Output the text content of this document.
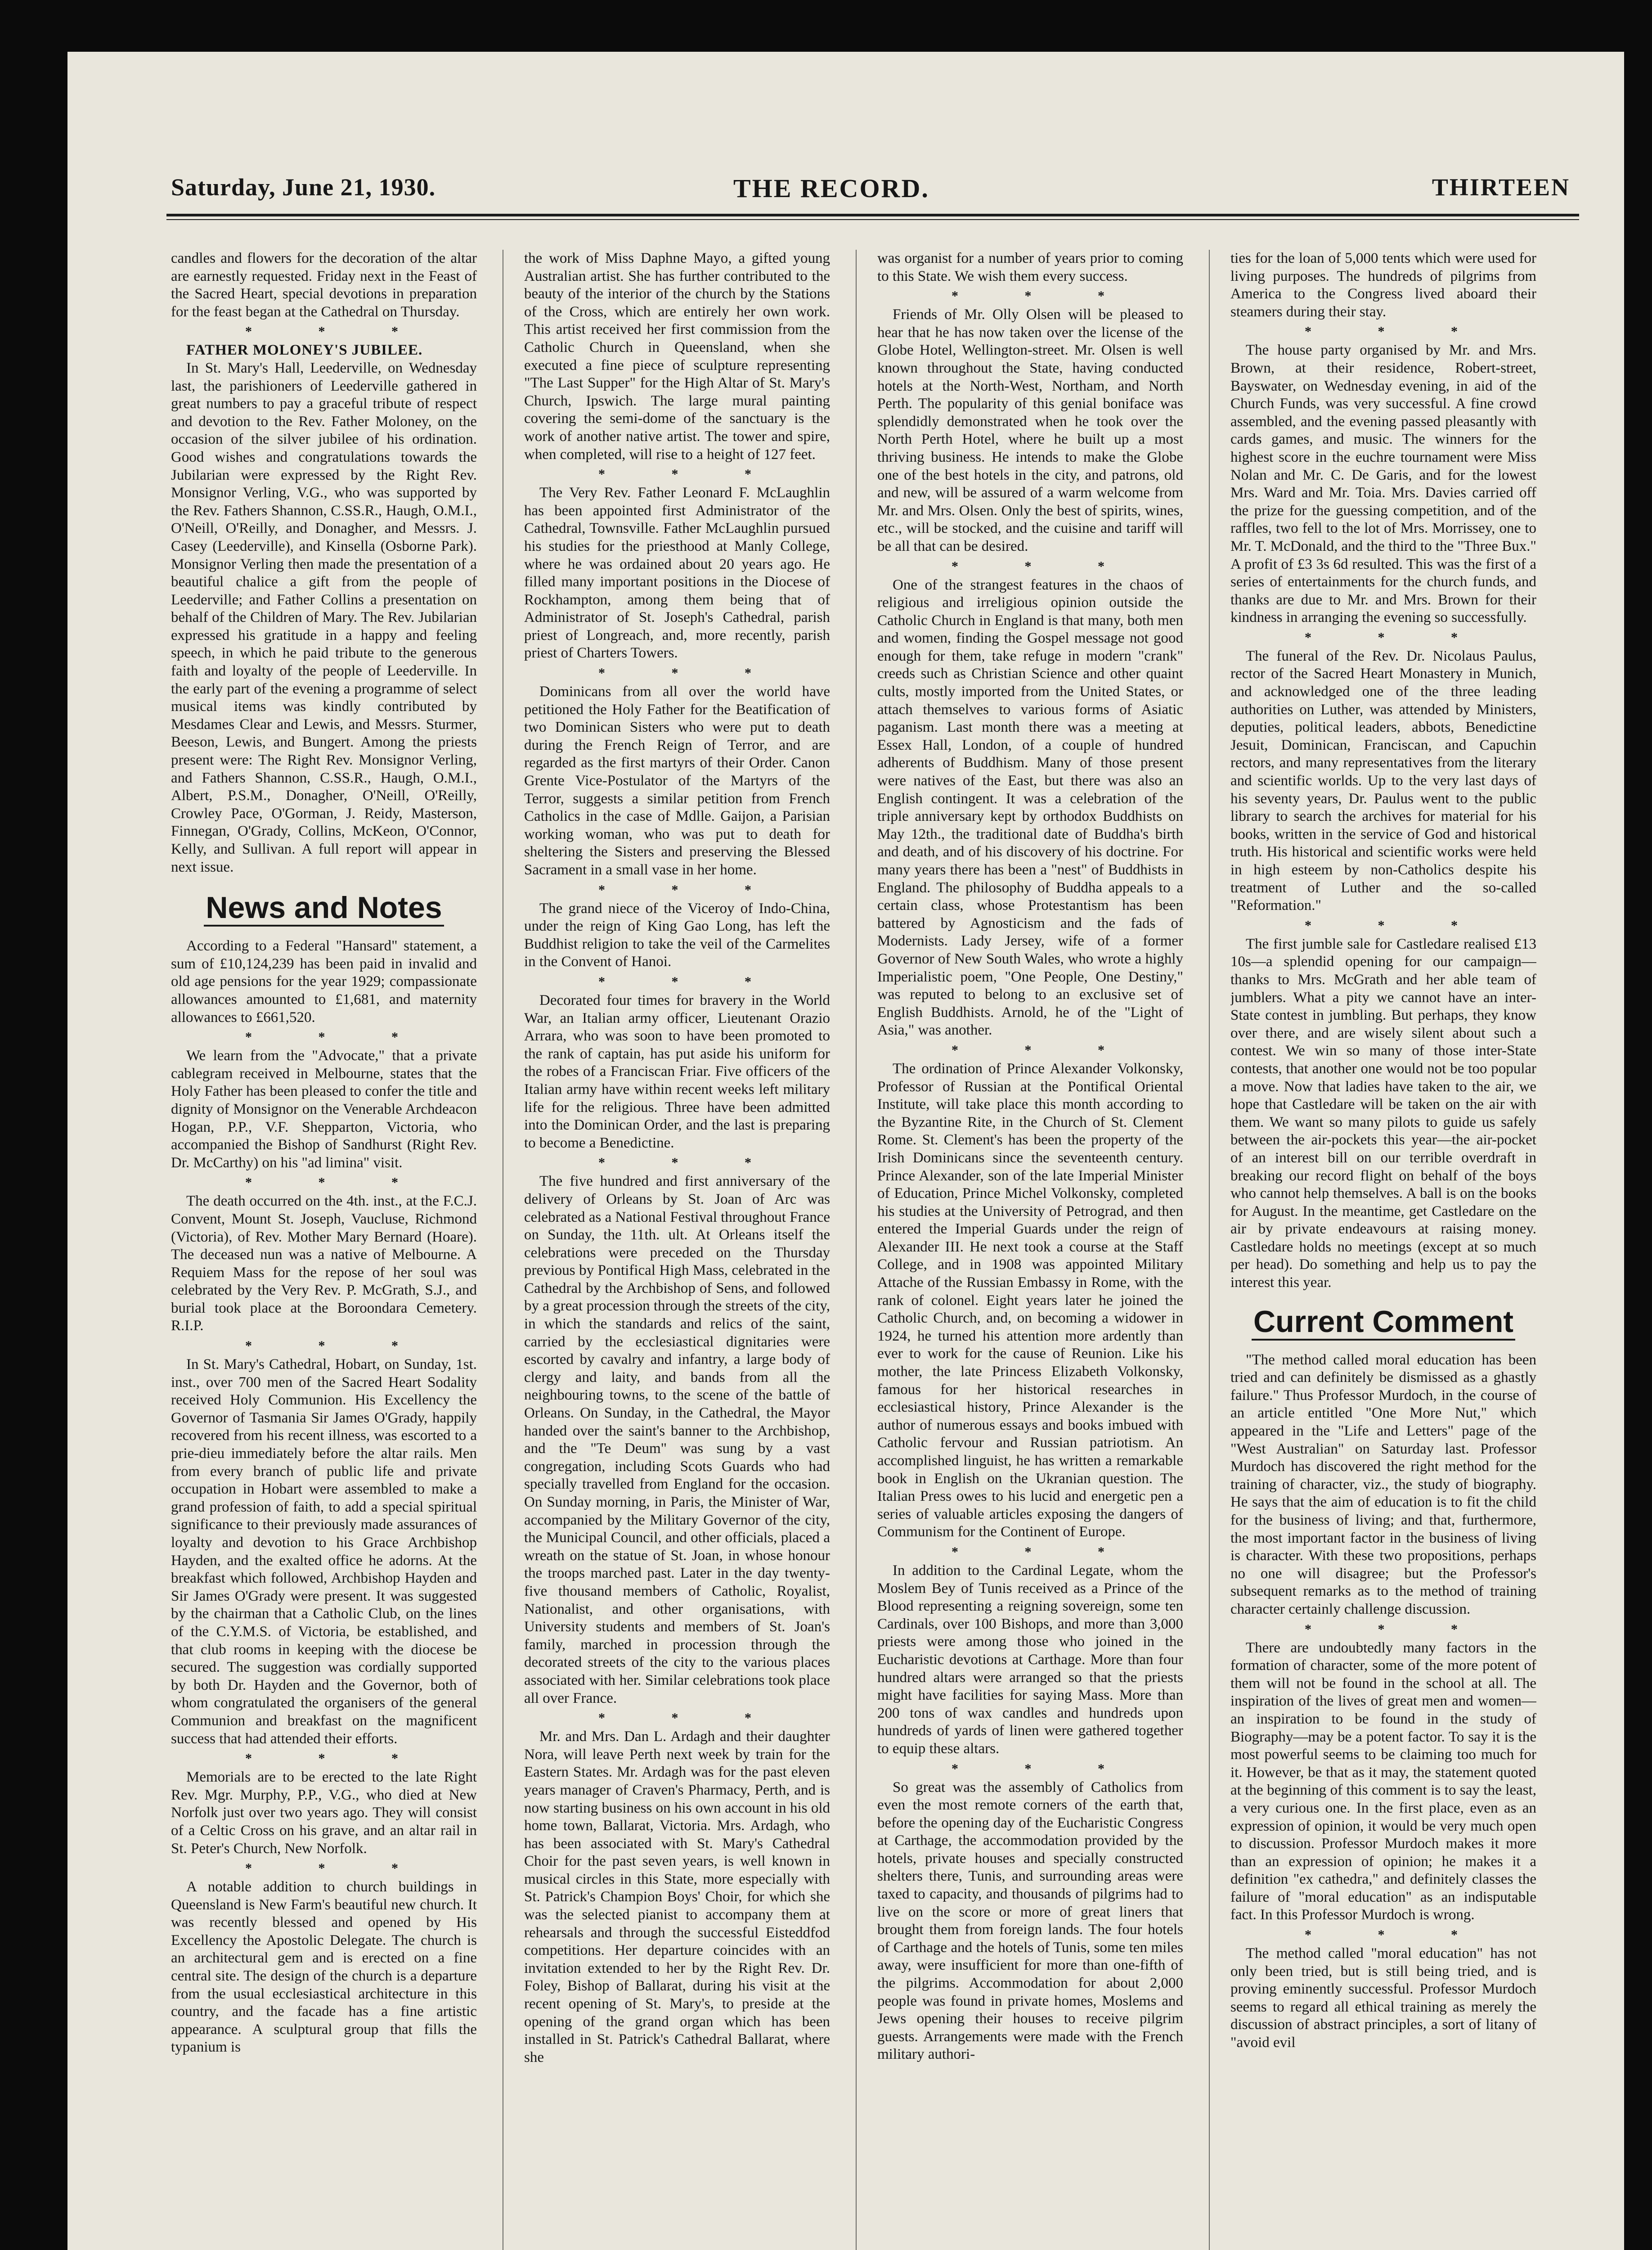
Saturday, June 21, 1930.	THE RECORD.	THIRTEEN

candles and flowers for the decoration of the altar are earnestly requested. Friday next in the Feast of the Sacred Heart, special devotions in preparation for the feast began at the Cathedral on Thursday.

* * *

FATHER MOLONEY'S JUBILEE.

In St. Mary's Hall, Leederville, on Wednesday last, the parishioners of Leederville gathered in great numbers to pay a graceful tribute of respect and devotion to the Rev. Father Moloney, on the occasion of the silver jubilee of his ordination. Good wishes and congratulations towards the Jubilarian were expressed by the Right Rev. Monsignor Verling, V.G., who was supported by the Rev. Fathers Shannon, C.SS.R., Haugh, O.M.I., O'Neill, O'Reilly, and Donagher, and Messrs. J. Casey (Leederville), and Kinsella (Osborne Park). Monsignor Verling then made the presentation of a beautiful chalice a gift from the people of Leederville; and Father Collins a presentation on behalf of the Children of Mary. The Rev. Jubilarian expressed his gratitude in a happy and feeling speech, in which he paid tribute to the generous faith and loyalty of the people of Leederville. In the early part of the evening a programme of select musical items was kindly contributed by Mesdames Clear and Lewis, and Messrs. Sturmer, Beeson, Lewis, and Bungert. Among the priests present were: The Right Rev. Monsignor Verling, and Fathers Shannon, C.SS.R., Haugh, O.M.I., Albert, P.S.M., Donagher, O'Neill, O'Reilly, Crowley Pace, O'Gorman, J. Reidy, Masterson, Finnegan, O'Grady, Collins, McKeon, O'Connor, Kelly, and Sullivan. A full report will appear in next issue.

News and Notes

According to a Federal "Hansard" statement, a sum of £10,124,239 has been paid in invalid and old age pensions for the year 1929; compassionate allowances amounted to £1,681, and maternity allowances to £661,520.

* * *

We learn from the "Advocate," that a private cablegram received in Melbourne, states that the Holy Father has been pleased to confer the title and dignity of Monsignor on the Venerable Archdeacon Hogan, P.P., V.F. Shepparton, Victoria, who accompanied the Bishop of Sandhurst (Right Rev. Dr. McCarthy) on his "ad limina" visit.

* * *

The death occurred on the 4th. inst., at the F.C.J. Convent, Mount St. Joseph, Vaucluse, Richmond (Victoria), of Rev. Mother Mary Bernard (Hoare). The deceased nun was a native of Melbourne. A Requiem Mass for the repose of her soul was celebrated by the Very Rev. P. McGrath, S.J., and burial took place at the Boroondara Cemetery. R.I.P.

* * *

In St. Mary's Cathedral, Hobart, on Sunday, 1st. inst., over 700 men of the Sacred Heart Sodality received Holy Communion. His Excellency the Governor of Tasmania Sir James O'Grady, happily recovered from his recent illness, was escorted to a prie-dieu immediately before the altar rails. Men from every branch of public life and private occupation in Hobart were assembled to make a grand profession of faith, to add a special spiritual significance to their previously made assurances of loyalty and devotion to his Grace Archbishop Hayden, and the exalted office he adorns. At the breakfast which followed, Archbishop Hayden and Sir James O'Grady were present. It was suggested by the chairman that a Catholic Club, on the lines of the C.Y.M.S. of Victoria, be established, and that club rooms in keeping with the diocese be secured. The suggestion was cordially supported by both Dr. Hayden and the Governor, both of whom congratulated the organisers of the general Communion and breakfast on the magnificent success that had attended their efforts.

* * *

Memorials are to be erected to the late Right Rev. Mgr. Murphy, P.P., V.G., who died at New Norfolk just over two years ago. They will consist of a Celtic Cross on his grave, and an altar rail in St. Peter's Church, New Norfolk.

* * *

A notable addition to church buildings in Queensland is New Farm's beautiful new church. It was recently blessed and opened by His Excellency the Apostolic Delegate. The church is an architectural gem and is erected on a fine central site. The design of the church is a departure from the usual ecclesiastical architecture in this country, and the facade has a fine artistic appearance. A sculptural group that fills the typanium is

the work of Miss Daphne Mayo, a gifted young Australian artist. She has further contributed to the beauty of the interior of the church by the Stations of the Cross, which are entirely her own work. This artist received her first commission from the Catholic Church in Queensland, when she executed a fine piece of sculpture representing "The Last Supper" for the High Altar of St. Mary's Church, Ipswich. The large mural painting covering the semi-dome of the sanctuary is the work of another native artist. The tower and spire, when completed, will rise to a height of 127 feet.

* * *

The Very Rev. Father Leonard F. McLaughlin has been appointed first Administrator of the Cathedral, Townsville. Father McLaughlin pursued his studies for the priesthood at Manly College, where he was ordained about 20 years ago. He filled many important positions in the Diocese of Rockhampton, among them being that of Administrator of St. Joseph's Cathedral, parish priest of Longreach, and, more recently, parish priest of Charters Towers.

* * *

Dominicans from all over the world have petitioned the Holy Father for the Beatification of two Dominican Sisters who were put to death during the French Reign of Terror, and are regarded as the first martyrs of their Order. Canon Grente Vice-Postulator of the Martyrs of the Terror, suggests a similar petition from French Catholics in the case of Mdlle. Gaijon, a Parisian working woman, who was put to death for sheltering the Sisters and preserving the Blessed Sacrament in a small vase in her home.

* * *

The grand niece of the Viceroy of Indo-China, under the reign of King Gao Long, has left the Buddhist religion to take the veil of the Carmelites in the Convent of Hanoi.

* * *

Decorated four times for bravery in the World War, an Italian army officer, Lieutenant Orazio Arrara, who was soon to have been promoted to the rank of captain, has put aside his uniform for the robes of a Franciscan Friar. Five officers of the Italian army have within recent weeks left military life for the religious. Three have been admitted into the Dominican Order, and the last is preparing to become a Benedictine.

* * *

The five hundred and first anniversary of the delivery of Orleans by St. Joan of Arc was celebrated as a National Festival throughout France on Sunday, the 11th. ult. At Orleans itself the celebrations were preceded on the Thursday previous by Pontifical High Mass, celebrated in the Cathedral by the Archbishop of Sens, and followed by a great procession through the streets of the city, in which the standards and relics of the saint, carried by the ecclesiastical dignitaries were escorted by cavalry and infantry, a large body of clergy and laity, and bands from all the neighbouring towns, to the scene of the battle of Orleans. On Sunday, in the Cathedral, the Mayor handed over the saint's banner to the Archbishop, and the "Te Deum" was sung by a vast congregation, including Scots Guards who had specially travelled from England for the occasion. On Sunday morning, in Paris, the Minister of War, accompanied by the Military Governor of the city, the Municipal Council, and other officials, placed a wreath on the statue of St. Joan, in whose honour the troops marched past. Later in the day twenty-five thousand members of Catholic, Royalist, Nationalist, and other organisations, with University students and members of St. Joan's family, marched in procession through the decorated streets of the city to the various places associated with her. Similar celebrations took place all over France.

* * *

Mr. and Mrs. Dan L. Ardagh and their daughter Nora, will leave Perth next week by train for the Eastern States. Mr. Ardagh was for the past eleven years manager of Craven's Pharmacy, Perth, and is now starting business on his own account in his old home town, Ballarat, Victoria. Mrs. Ardagh, who has been associated with St. Mary's Cathedral Choir for the past seven years, is well known in musical circles in this State, more especially with St. Patrick's Champion Boys' Choir, for which she was the selected pianist to accompany them at rehearsals and through the successful Eisteddfod competitions. Her departure coincides with an invitation extended to her by the Right Rev. Dr. Foley, Bishop of Ballarat, during his visit at the recent opening of St. Mary's, to preside at the opening of the grand organ which has been installed in St. Patrick's Cathedral Ballarat, where she

was organist for a number of years prior to coming to this State. We wish them every success.

* * *

Friends of Mr. Olly Olsen will be pleased to hear that he has now taken over the license of the Globe Hotel, Wellington-street. Mr. Olsen is well known throughout the State, having conducted hotels at the North-West, Northam, and North Perth. The popularity of this genial boniface was splendidly demonstrated when he took over the North Perth Hotel, where he built up a most thriving business. He intends to make the Globe one of the best hotels in the city, and patrons, old and new, will be assured of a warm welcome from Mr. and Mrs. Olsen. Only the best of spirits, wines, etc., will be stocked, and the cuisine and tariff will be all that can be desired.

* * *

One of the strangest features in the chaos of religious and irreligious opinion outside the Catholic Church in England is that many, both men and women, finding the Gospel message not good enough for them, take refuge in modern "crank" creeds such as Christian Science and other quaint cults, mostly imported from the United States, or attach themselves to various forms of Asiatic paganism. Last month there was a meeting at Essex Hall, London, of a couple of hundred adherents of Buddhism. Many of those present were natives of the East, but there was also an English contingent. It was a celebration of the triple anniversary kept by orthodox Buddhists on May 12th., the traditional date of Buddha's birth and death, and of his discovery of his doctrine. For many years there has been a "nest" of Buddhists in England. The philosophy of Buddha appeals to a certain class, whose Protestantism has been battered by Agnosticism and the fads of Modernists. Lady Jersey, wife of a former Governor of New South Wales, who wrote a highly Imperialistic poem, "One People, One Destiny," was reputed to belong to an exclusive set of English Buddhists. Arnold, he of the "Light of Asia," was another.

* * *

The ordination of Prince Alexander Volkonsky, Professor of Russian at the Pontifical Oriental Institute, will take place this month according to the Byzantine Rite, in the Church of St. Clement Rome. St. Clement's has been the property of the Irish Dominicans since the seventeenth century. Prince Alexander, son of the late Imperial Minister of Education, Prince Michel Volkonsky, completed his studies at the University of Petrograd, and then entered the Imperial Guards under the reign of Alexander III. He next took a course at the Staff College, and in 1908 was appointed Military Attache of the Russian Embassy in Rome, with the rank of colonel. Eight years later he joined the Catholic Church, and, on becoming a widower in 1924, he turned his attention more ardently than ever to work for the cause of Reunion. Like his mother, the late Princess Elizabeth Volkonsky, famous for her historical researches in ecclesiastical history, Prince Alexander is the author of numerous essays and books imbued with Catholic fervour and Russian patriotism. An accomplished linguist, he has written a remarkable book in English on the Ukranian question. The Italian Press owes to his lucid and energetic pen a series of valuable articles exposing the dangers of Communism for the Continent of Europe.

* * *

In addition to the Cardinal Legate, whom the Moslem Bey of Tunis received as a Prince of the Blood representing a reigning sovereign, some ten Cardinals, over 100 Bishops, and more than 3,000 priests were among those who joined in the Eucharistic devotions at Carthage. More than four hundred altars were arranged so that the priests might have facilities for saying Mass. More than 200 tons of wax candles and hundreds upon hundreds of yards of linen were gathered together to equip these altars.

* * *

So great was the assembly of Catholics from even the most remote corners of the earth that, before the opening day of the Eucharistic Congress at Carthage, the accommodation provided by the hotels, private houses and specially constructed shelters there, Tunis, and surrounding areas were taxed to capacity, and thousands of pilgrims had to live on the score or more of great liners that brought them from foreign lands. The four hotels of Carthage and the hotels of Tunis, some ten miles away, were insufficient for more than one-fifth of the pilgrims. Accommodation for about 2,000 people was found in private homes, Moslems and Jews opening their houses to receive pilgrim guests. Arrangements were made with the French military authori-

ties for the loan of 5,000 tents which were used for living purposes. The hundreds of pilgrims from America to the Congress lived aboard their steamers during their stay.

* * *

The house party organised by Mr. and Mrs. Brown, at their residence, Robert-street, Bayswater, on Wednesday evening, in aid of the Church Funds, was very successful. A fine crowd assembled, and the evening passed pleasantly with cards games, and music. The winners for the highest score in the euchre tournament were Miss Nolan and Mr. C. De Garis, and for the lowest Mrs. Ward and Mr. Toia. Mrs. Davies carried off the prize for the guessing competition, and of the raffles, two fell to the lot of Mrs. Morrissey, one to Mr. T. McDonald, and the third to the "Three Bux." A profit of £3 3s 6d resulted. This was the first of a series of entertainments for the church funds, and thanks are due to Mr. and Mrs. Brown for their kindness in arranging the evening so successfully.

* * *

The funeral of the Rev. Dr. Nicolaus Paulus, rector of the Sacred Heart Monastery in Munich, and acknowledged one of the three leading authorities on Luther, was attended by Ministers, deputies, political leaders, abbots, Benedictine Jesuit, Dominican, Franciscan, and Capuchin rectors, and many representatives from the literary and scientific worlds. Up to the very last days of his seventy years, Dr. Paulus went to the public library to search the archives for material for his books, written in the service of God and historical truth. His historical and scientific works were held in high esteem by non-Catholics despite his treatment of Luther and the so-called "Reformation."

* * *

The first jumble sale for Castledare realised £13 10s—a splendid opening for our campaign—thanks to Mrs. McGrath and her able team of jumblers. What a pity we cannot have an inter-State contest in jumbling. But perhaps, they know over there, and are wisely silent about such a contest. We win so many of those inter-State contests, that another one would not be too popular a move. Now that ladies have taken to the air, we hope that Castledare will be taken on the air with them. We want so many pilots to guide us safely between the air-pockets this year—the air-pocket of an interest bill on our terrible overdraft in breaking our record flight on behalf of the boys who cannot help themselves. A ball is on the books for August. In the meantime, get Castledare on the air by private endeavours at raising money. Castledare holds no meetings (except at so much per head). Do something and help us to pay the interest this year.

Current Comment

"The method called moral education has been tried and can definitely be dismissed as a ghastly failure." Thus Professor Murdoch, in the course of an article entitled "One More Nut," which appeared in the "Life and Letters" page of the "West Australian" on Saturday last. Professor Murdoch has discovered the right method for the training of character, viz., the study of biography. He says that the aim of education is to fit the child for the business of living; and that, furthermore, the most important factor in the business of living is character. With these two propositions, perhaps no one will disagree; but the Professor's subsequent remarks as to the method of training character certainly challenge discussion.

* * *

There are undoubtedly many factors in the formation of character, some of the more potent of them will not be found in the school at all. The inspiration of the lives of great men and women—an inspiration to be found in the study of Biography—may be a potent factor. To say it is the most powerful seems to be claiming too much for it. However, be that as it may, the statement quoted at the beginning of this comment is to say the least, a very curious one. In the first place, even as an expression of opinion, it would be very much open to discussion. Professor Murdoch makes it more than an expression of opinion; he makes it a definition "ex cathedra," and definitely classes the failure of "moral education" as an indisputable fact. In this Professor Murdoch is wrong.

* * *

The method called "moral education" has not only been tried, but is still being tried, and is proving eminently successful. Professor Murdoch seems to regard all ethical training as merely the discussion of abstract principles, a sort of litany of "avoid evil
